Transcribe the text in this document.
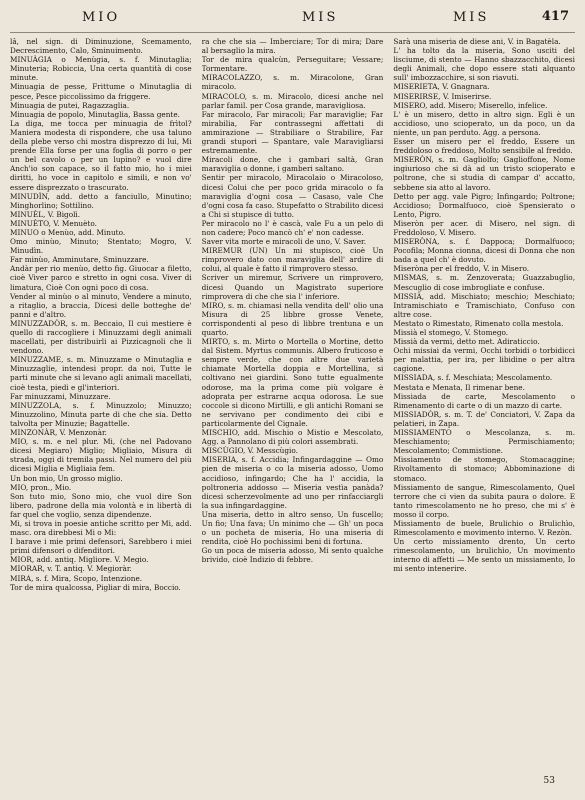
MIO	MIS	MIS	417

lâ, nel sign. di Diminuzione, Scemamento, Decrescimento, Calo, Sminuimento.

MINUÀGIA o Menùgia, s. f. Minutaglia; Minuteria; Robiccia, Una certa quantità di cose minute.

Minuagia de pesse, Frittume o Minutaglia di pesce, Pesce piccolissimo da friggere.

Minuagia de putei, Ragazzaglia.

Minuagia de popolo, Minutaglia, Bassa gente.

La diga, me tocca per minuagia de frìtol? Maniera modesta di rispondere, che usa taluno della plebe verso chi mostra disprezzo di lui, Mi prende Ella forse per una foglia di porro o per un bel cavolo o per un lupino? e vuol dire Anch'io son capace, so il fatto mio, ho i miei diritti, ho voce in capitolo e simili, e non vo' essere disprezzato o trascurato.

MINUDÌN, add. detto a fanciullo, Minutino; Minghorlino; Sottilino.

MINUÈL, V. Bigolì.

MINUÈTO, V. Menuèto.

MINUO o Menùo, add. Minuto.

Omo minùo, Minuto; Stentato; Mogro, V. Minudìn.

Far minùo, Amminutare, Sminuzzare.

Andàr per rio menùo, detto fig. Giuocar a filetto, cioè Viver parco e stretto in ogni cosa. Viver di limatura, Cioè Con ogni poco di cosa.

Vender al minùo o al minuto, Vendere a minuto, a ritaglio, a braccia, Dicesi delle botteghe de' panni e d'altro.

MINUZZADÒR, s. m. Beccaio, Il cui mestiere è quello di raccogliere i Minuzzami degli animali macellati, per distribuirli ai Pizzicagnoli che li vendono.

MINUZZAME, s. m. Minuzzame o Minutaglia e Minuzzaglie, intendesi propr. da noi, Tutte le parti minute che si levano agli animali macellati, cioè testa, piedi e gl'interiori.

Far minuzzami, Minuzzare.

MINUZZOLA, s. f. Minuzzolo; Minuzzo; Minuzzolino, Minuta parte di che che sia. Detto talvolta per Minuzie; Bagattelle.

MINZONÀR, V. Menzonàr.

MIO, s. m. e nel plur. Mi, (che nel Padovano dicesi Megiaro) Miglio; Migliaio, Misura di strada, oggi di tremila passi. Nel numero del più dicesi Miglia e Migliaia fem.

Un bon mio, Un grosso miglio.

MIO, pron., Mio.

Son tuto mio, Sono mio, che vuol dire Son libero, padrone della mia volontà e in libertà di far quel che voglio, senza dipendenze.

Mi, si trova in poesie antiche scritto per Mi, add. masc. ora direbbesi Mi o Mi:

I barave i mie primi defensori, Sarebbero i miei primi difensori o difenditori.

MIOR, add. antiq. Migliore. V. Megio.

MIORAR, v. T. antiq. V. Megioràr.

MIRA, s. f. Mira, Scopo, Intenzione.

Tor de mira qualcossa, Pigliar di mira, Boccio.

ra che che sia — Imberciare; Tor di mira; Dare al bersaglio la mira.

Tor de mira qualcùn, Perseguitare; Vessare; Tormentare.

MIRACOLAZZO, s. m. Miracolone, Gran miracolo.

MIRACOLO, s. m. Miracolo, dicesi anche nel parlar famil. per Cosa grande, maravigliosa.

Far miracolo, Far miracoli; Far maraviglie; Far mirabilia, Far contrassegni affettati di ammirazione — Strabiliare o Strabilire, Far grandi stupori — Spantare, vale Maravigliarsi estremamente.

Miracoli done, che i gambari saltà, Gran maraviglia o donne, i gamberi saltano.

Sentir per miracolo, Miracolaio o Miracoloso, dicesi Colui che per poco grida miracolo o fa maraviglia d'ogni cosa — Casaso, vale Che d'ogni cosa fa caso. Stupefatto o Strabilito dicesi a Chi si stupisce di tutto.

Per miracolo no l' è cascà, vale Fu a un pelo di non cadere; Poco mancò ch' e' non cadesse.

Saver vita morte e miracoli de uno, V. Saver.

MIREMUR (UN) Un mi stupisco, cioè Un rimprovero dato con maraviglia dell' ardire di colui, al quale è fatto il rimprovero stesso.

Scriver un miremur, Scrivere un rimprovero, dicesi Quando un Magistrato superiore rimprovera di che che sia l' inferiore.

MIRO, s. m. chiamasi nella vendita dell' olio una Misura di 25 libbre grosse Venete, corrispondenti al peso di libbre trentuna e un quarto.

MIRTO, s. m. Mirto o Mortella o Mortine, detto dal Sistem. Myrtus communis. Albero fruticoso e sempre verde, che con altre due varietà chiamate Mortella doppia e Mortellina, si coltivano nei giardini. Sono tutte egualmente odorose, ma la prima come più volgare è adoprata per estrarne acqua odorosa. Le sue coccole si dicono Mirtilli, e gli antichi Romani se ne servivano per condimento dei cibi e particolarmente del Cignale.

MISCHIO, add. Mischio o Mistio e Mescolato, Agg. a Pannolano di più colori assembrati.

MISCÙGIO, V. Messcùgio.

MISERIA, s. f. Accidia; Infingardaggine — Omo pien de miseria o co la miseria adosso, Uomo accidioso, infingardo; Che ha l' accidia, la poltroneria addosso — Miseria vestìa panàda? dicesi scherzevolmente ad uno per rinfacciargli la sua infingardaggine.

Una miseria, detto in altro senso, Un fuscello; Un fio; Una fava; Un minimo che — Gh' un poca o un pocheta de miseria, Ho una miseria di rendita, cioè Ho pochissimi beni di fortuna.

Go un poca de miseria adosso, Mi sento qualche brivido, cioè Indizio di febbre.

Sarà una miseria de diese ani, V. in Bagatèla.

L' ha tolto da la miseria, Sono usciti del lisciume, di stento — Hanno sbazzacchito, dicesi degli Animali, che dopo essere stati alquanto sull' imbozzacchire, si son riavuti.

MISERIETA, V. Gnagnara.

MISERIRSE, V. Imiserirse.

MISERO, add. Misero; Miserello, infelice.

L' è un misero, detto in altro sign. Egli è un accidioso, uno scioperato, un da poco, un da niente, un pan perduto. Agg. a persona.

Esser un misero per el freddo, Essere un freddoloso o freddoso, Molto sensibile al freddo.

MISERÒN, s. m. Gagliolfo; Gaglioffone, Nome ingiurioso che si dà ad un tristo scioperato e poltrone, che si studia di campar d' accatto, sebbene sia atto al lavoro.

Detto per agg. vale Pigro; Infingardo; Poltrone; Accidioso; Dormalfuoco, cioè Spensierato o Lento, Pigro.

Miseròn per acer. di Misero, nel sign. di Freddoloso, V. Misero.

MISERÒNA, s. f. Dappoca; Dormalfuoco; Pocofila; Monna cionna, dicesi di Donna che non bada a quel ch' è dovuto.

Miseròna per el freddo, V. in Misero.

MISMAS, s. m. Zenzoverata; Guazzabuglio, Mescuglio di cose imbrogliate e confuse.

MISSIÀ, add. Mischiato; meschio; Meschiato; Intramischiato e Tramischiato, Confuso con altre cose.

Mestato o Rimestato, Rimenato colla mestola.

Missià el stomego, V. Stomego.

Missià da vermi, detto met. Adiraticcio.

Ochi missiai da vermi, Occhi torbidi o torbidicci per malattia, per ira, per libidine o per altra cagione.

MISSIADA, s. f. Meschiata; Mescolamento.

Mestata e Menata, Il rimenar bene.

Missiada de carte, Mescolamento o Rimenamento di carte o di un mazzo di carte.

MISSIADÒR, s. m. T. de' Conciatori, V. Zapa da pelatieri, in Zapa.

MISSIAMENTO o Mescolanza, s. m. Meschiamento; Permischiamento; Mescolamento; Commistione.

Missiamento de stomego, Stomacaggine; Rivoltamento di stomaco; Abbominazione di stomaco.

Missiamento de sangue, Rimescolamento, Quel terrore che ci vien da subita paura o dolore. E tanto rimescolamento ne ho preso, che mi s' è mosso il corpo.

Missiamento de buele, Brulichio o Brulichìo, Rimescolamento e movimento interno. V. Rezòn.

Un certo missiamento drento, Un certo rimescolamento, un brulichìo, Un movimento interno di affetti — Me sento un missiamento, Io mi sento intenerire.

53
